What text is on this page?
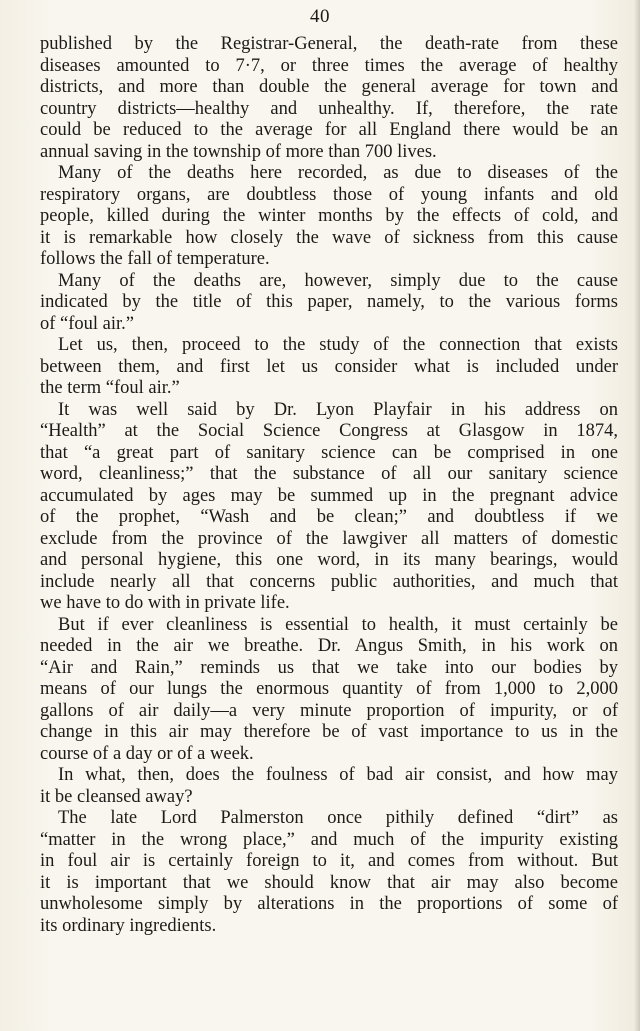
40
published by the Registrar-General, the death-rate from these
diseases amounted to 7·7, or three times the average of healthy
districts, and more than double the general average for town and
country districts—healthy and unhealthy. If, therefore, the rate
could be reduced to the average for all England there would be an
annual saving in the township of more than 700 lives.
Many of the deaths here recorded, as due to diseases of the
respiratory organs, are doubtless those of young infants and old
people, killed during the winter months by the effects of cold, and
it is remarkable how closely the wave of sickness from this cause
follows the fall of temperature.
Many of the deaths are, however, simply due to the cause
indicated by the title of this paper, namely, to the various forms
of “foul air.”
Let us, then, proceed to the study of the connection that exists
between them, and first let us consider what is included under
the term “foul air.”
It was well said by Dr. Lyon Playfair in his address on
“Health” at the Social Science Congress at Glasgow in 1874,
that “a great part of sanitary science can be comprised in one
word, cleanliness;” that the substance of all our sanitary science
accumulated by ages may be summed up in the pregnant advice
of the prophet, “Wash and be clean;” and doubtless if we
exclude from the province of the lawgiver all matters of domestic
and personal hygiene, this one word, in its many bearings, would
include nearly all that concerns public authorities, and much that
we have to do with in private life.
But if ever cleanliness is essential to health, it must certainly be
needed in the air we breathe. Dr. Angus Smith, in his work on
“Air and Rain,” reminds us that we take into our bodies by
means of our lungs the enormous quantity of from 1,000 to 2,000
gallons of air daily—a very minute proportion of impurity, or of
change in this air may therefore be of vast importance to us in the
course of a day or of a week.
In what, then, does the foulness of bad air consist, and how may
it be cleansed away?
The late Lord Palmerston once pithily defined “dirt” as
“matter in the wrong place,” and much of the impurity existing
in foul air is certainly foreign to it, and comes from without. But
it is important that we should know that air may also become
unwholesome simply by alterations in the proportions of some of
its ordinary ingredients.
